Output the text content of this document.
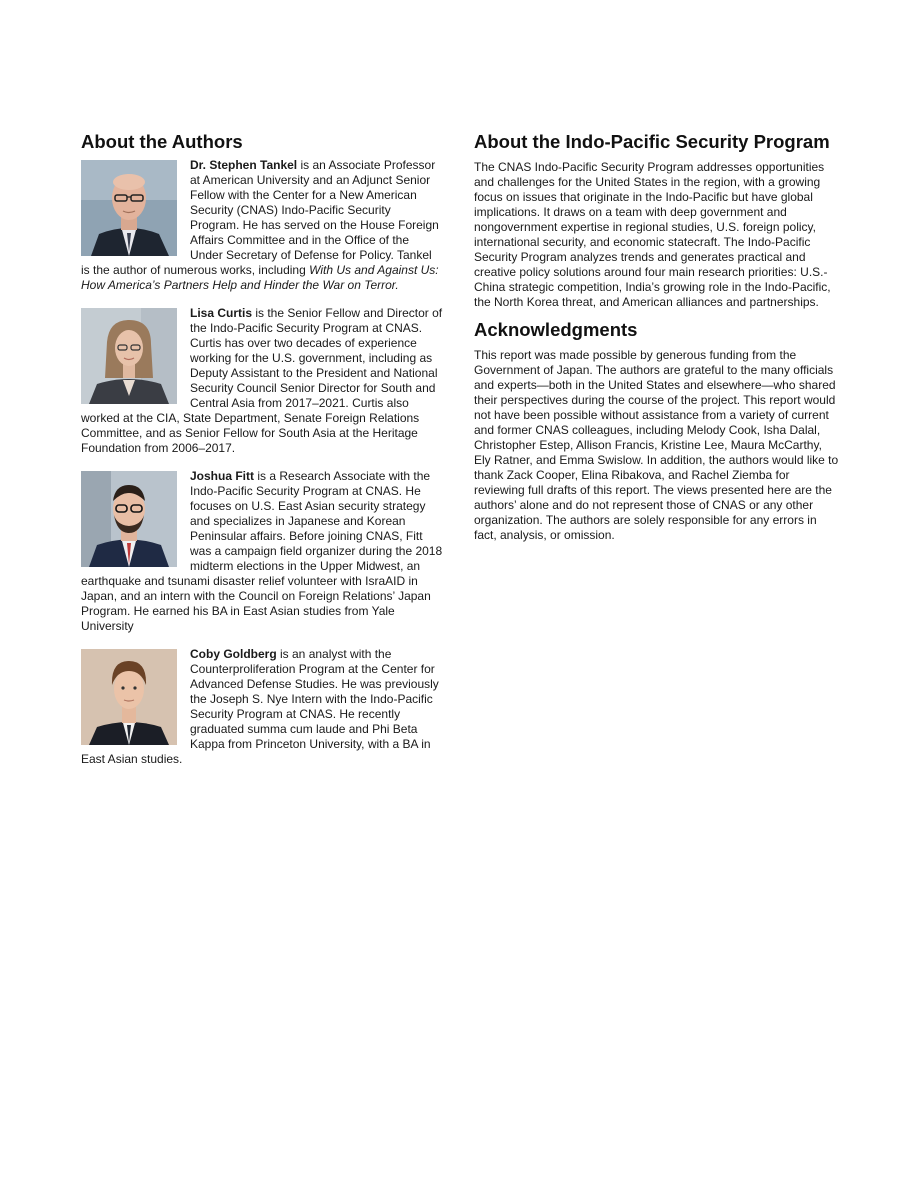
About the Authors
Dr. Stephen Tankel is an Associate Professor at American University and an Adjunct Senior Fellow with the Center for a New American Security (CNAS) Indo-Pacific Security Program. He has served on the House Foreign Affairs Committee and in the Office of the Under Secretary of Defense for Policy. Tankel is the author of numerous works, including With Us and Against Us: How America’s Partners Help and Hinder the War on Terror.
Lisa Curtis is the Senior Fellow and Director of the Indo-Pacific Security Program at CNAS. Curtis has over two decades of experience working for the U.S. government, including as Deputy Assistant to the President and National Security Council Senior Director for South and Central Asia from 2017–2021. Curtis also worked at the CIA, State Department, Senate Foreign Relations Committee, and as Senior Fellow for South Asia at the Heritage Foundation from 2006–2017.
Joshua Fitt is a Research Associate with the Indo-Pacific Security Program at CNAS. He focuses on U.S. East Asian security strategy and specializes in Japanese and Korean Peninsular affairs. Before joining CNAS, Fitt was a campaign field organizer during the 2018 midterm elections in the Upper Midwest, an earthquake and tsunami disaster relief volunteer with IsraAID in Japan, and an intern with the Council on Foreign Relations’ Japan Program. He earned his BA in East Asian studies from Yale University
Coby Goldberg is an analyst with the Counterproliferation Program at the Center for Advanced Defense Studies. He was previously the Joseph S. Nye Intern with the Indo-Pacific Security Program at CNAS. He recently graduated summa cum laude and Phi Beta Kappa from Princeton University, with a BA in East Asian studies.
About the Indo-Pacific Security Program

The CNAS Indo-Pacific Security Program addresses opportunities and challenges for the United States in the region, with a growing focus on issues that originate in the Indo-Pacific but have global implications. It draws on a team with deep government and nongovernment expertise in regional studies, U.S. foreign policy, international security, and economic statecraft. The Indo-Pacific Security Program analyzes trends and generates practical and creative policy solutions around four main research priorities: U.S.-China strategic competition, India’s growing role in the Indo-Pacific, the North Korea threat, and American alliances and partnerships.

Acknowledgments

This report was made possible by generous funding from the Government of Japan. The authors are grateful to the many officials and experts—both in the United States and elsewhere—who shared their perspectives during the course of the project. This report would not have been possible without assistance from a variety of current and former CNAS colleagues, including Melody Cook, Isha Dalal, Christopher Estep, Allison Francis, Kristine Lee, Maura McCarthy, Ely Ratner, and Emma Swislow. In addition, the authors would like to thank Zack Cooper, Elina Ribakova, and Rachel Ziemba for reviewing full drafts of this report. The views presented here are the authors’ alone and do not represent those of CNAS or any other organization. The authors are solely responsible for any errors in fact, analysis, or omission.
